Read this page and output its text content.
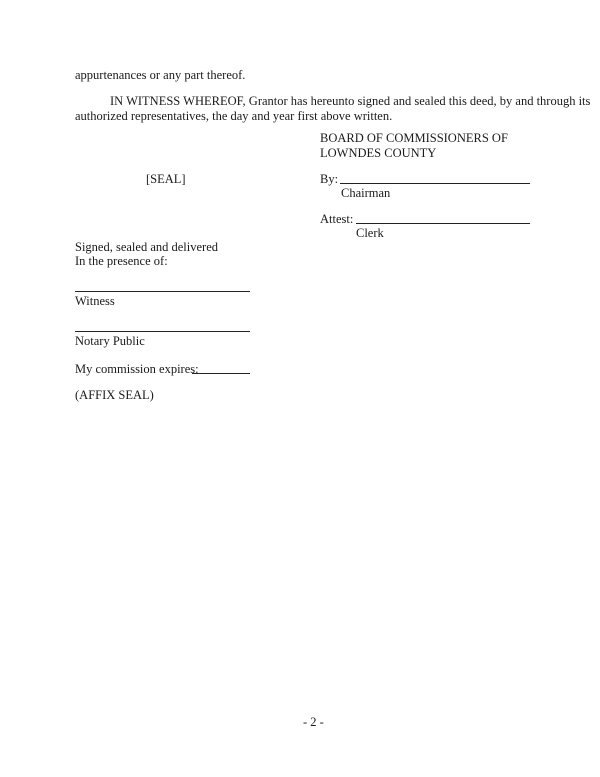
appurtenances or any part thereof.
IN WITNESS WHEREOF, Grantor has hereunto signed and sealed this deed, by and through its
authorized representatives, the day and year first above written.
BOARD OF COMMISSIONERS OF
LOWNDES COUNTY
[SEAL]	By:
Chairman
Attest:
Clerk
Signed, sealed and delivered
In the presence of:
Witness
Notary Public
My commission expires:
(AFFIX SEAL)
- 2 -
